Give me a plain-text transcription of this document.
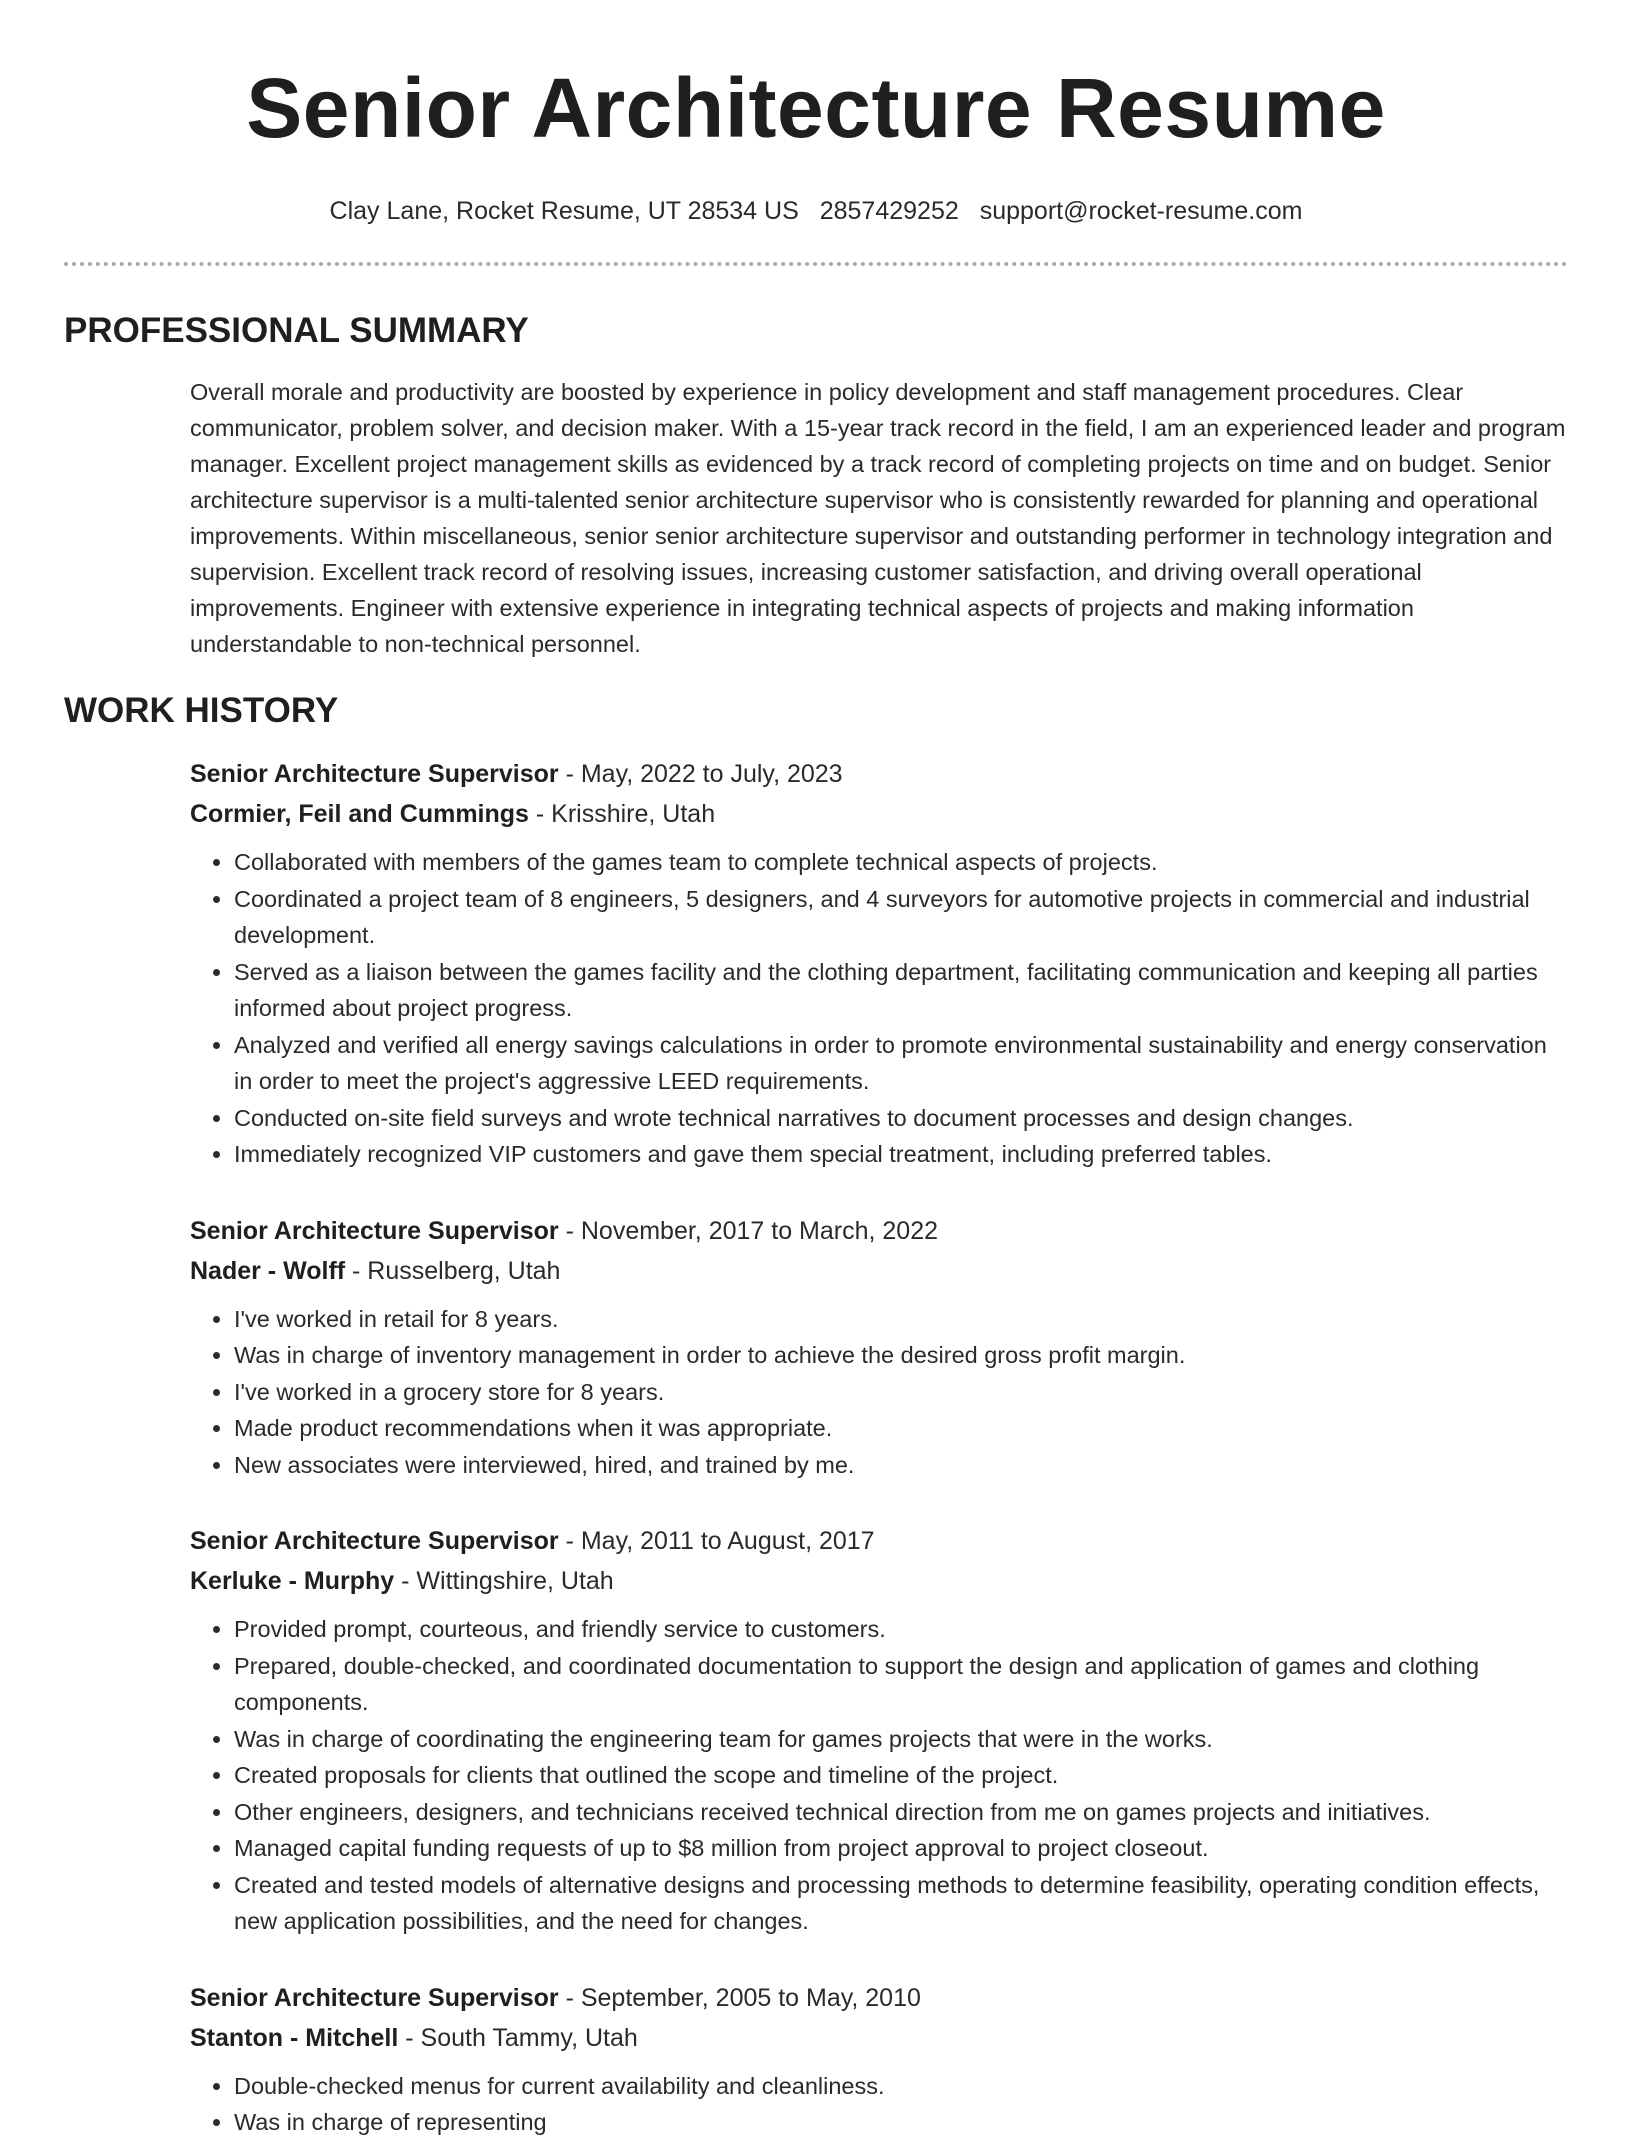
Senior Architecture Resume
Clay Lane, Rocket Resume, UT 28534 US 2857429252 support@rocket-resume.com
PROFESSIONAL SUMMARY

Overall morale and productivity are boosted by experience in policy development and staff management procedures. Clear communicator, problem solver, and decision maker. With a 15-year track record in the field, I am an experienced leader and program manager. Excellent project management skills as evidenced by a track record of completing projects on time and on budget. Senior architecture supervisor is a multi-talented senior architecture supervisor who is consistently rewarded for planning and operational improvements. Within miscellaneous, senior senior architecture supervisor and outstanding performer in technology integration and supervision. Excellent track record of resolving issues, increasing customer satisfaction, and driving overall operational improvements. Engineer with extensive experience in integrating technical aspects of projects and making information understandable to non-technical personnel.

WORK HISTORY
Senior Architecture Supervisor - May, 2022 to July, 2023
Cormier, Feil and Cummings - Krisshire, Utah
• Collaborated with members of the games team to complete technical aspects of projects.
• Coordinated a project team of 8 engineers, 5 designers, and 4 surveyors for automotive projects in commercial and industrial development.
• Served as a liaison between the games facility and the clothing department, facilitating communication and keeping all parties informed about project progress.
• Analyzed and verified all energy savings calculations in order to promote environmental sustainability and energy conservation in order to meet the project's aggressive LEED requirements.
• Conducted on-site field surveys and wrote technical narratives to document processes and design changes.
• Immediately recognized VIP customers and gave them special treatment, including preferred tables.
Senior Architecture Supervisor - November, 2017 to March, 2022
Nader - Wolff - Russelberg, Utah
• I've worked in retail for 8 years.
• Was in charge of inventory management in order to achieve the desired gross profit margin.
• I've worked in a grocery store for 8 years.
• Made product recommendations when it was appropriate.
• New associates were interviewed, hired, and trained by me.
Senior Architecture Supervisor - May, 2011 to August, 2017
Kerluke - Murphy - Wittingshire, Utah
• Provided prompt, courteous, and friendly service to customers.
• Prepared, double-checked, and coordinated documentation to support the design and application of games and clothing components.
• Was in charge of coordinating the engineering team for games projects that were in the works.
• Created proposals for clients that outlined the scope and timeline of the project.
• Other engineers, designers, and technicians received technical direction from me on games projects and initiatives.
• Managed capital funding requests of up to $8 million from project approval to project closeout.
• Created and tested models of alternative designs and processing methods to determine feasibility, operating condition effects, new application possibilities, and the need for changes.
Senior Architecture Supervisor - September, 2005 to May, 2010
Stanton - Mitchell - South Tammy, Utah
• Double-checked menus for current availability and cleanliness.
• Was in charge of representing
